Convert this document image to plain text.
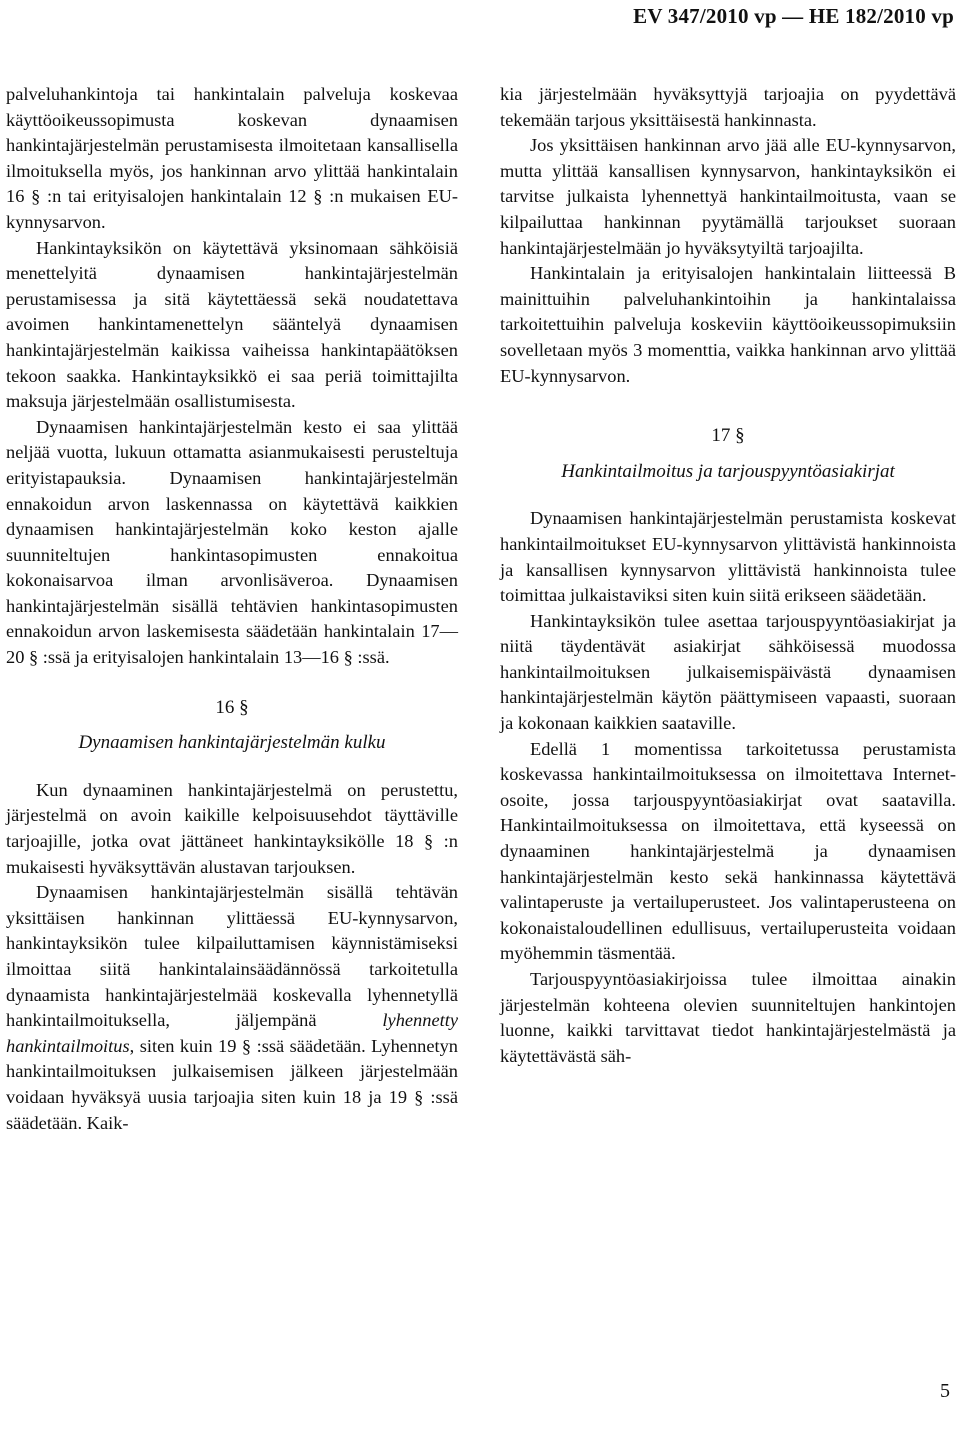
EV 347/2010 vp — HE 182/2010 vp

palveluhankintoja tai hankintalain palveluja koskevaa käyttöoikeussopimusta koskevan dynaamisen hankintajärjestelmän perustamisesta ilmoitetaan kansallisella ilmoituksella myös, jos hankinnan arvo ylittää hankintalain 16 § :n tai erityisalojen hankintalain 12 § :n mukaisen EU-kynnysarvon.

Hankintayksikön on käytettävä yksinomaan sähköisiä menettelyitä dynaamisen hankintajärjestelmän perustamisessa ja sitä käytettäessä sekä noudatettava avoimen hankintamenettelyn sääntelyä dynaamisen hankintajärjestelmän kaikissa vaiheissa hankintapäätöksen tekoon saakka. Hankintayksikkö ei saa periä toimittajilta maksuja järjestelmään osallistumisesta.

Dynaamisen hankintajärjestelmän kesto ei saa ylittää neljää vuotta, lukuun ottamatta asianmukaisesti perusteltuja erityistapauksia. Dynaamisen hankintajärjestelmän ennakoidun arvon laskennassa on käytettävä kaikkien dynaamisen hankintajärjestelmän koko keston ajalle suunniteltujen hankintasopimusten ennakoitua kokonaisarvoa ilman arvonlisäveroa. Dynaamisen hankintajärjestelmän sisällä tehtävien hankintasopimusten ennakoidun arvon laskemisesta säädetään hankintalain 17—20 § :ssä ja erityisalojen hankintalain 13—16 § :ssä.

16 §
Dynaamisen hankintajärjestelmän kulku

Kun dynaaminen hankintajärjestelmä on perustettu, järjestelmä on avoin kaikille kelpoisuusehdot täyttäville tarjoajille, jotka ovat jättäneet hankintayksikölle 18 § :n mukaisesti hyväksyttävän alustavan tarjouksen.

Dynaamisen hankintajärjestelmän sisällä tehtävän yksittäisen hankinnan ylittäessä EU-kynnysarvon, hankintayksikön tulee kilpailuttamisen käynnistämiseksi ilmoittaa siitä hankintalainsäädännössä tarkoitetulla dynaamista hankintajärjestelmää koskevalla lyhennetyllä hankintailmoituksella, jäljempänä lyhennetty hankintailmoitus, siten kuin 19 § :ssä säädetään. Lyhennetyn hankintailmoituksen julkaisemisen jälkeen järjestelmään voidaan hyväksyä uusia tarjoajia siten kuin 18 ja 19 § :ssä säädetään. Kaik-

kia järjestelmään hyväksyttyjä tarjoajia on pyydettävä tekemään tarjous yksittäisestä hankinnasta.

Jos yksittäisen hankinnan arvo jää alle EU-kynnysarvon, mutta ylittää kansallisen kynnysarvon, hankintayksikön ei tarvitse julkaista lyhennettyä hankintailmoitusta, vaan se kilpailuttaa hankinnan pyytämällä tarjoukset suoraan hankintajärjestelmään jo hyväksytyiltä tarjoajilta.

Hankintalain ja erityisalojen hankintalain liitteessä B mainittuihin palveluhankintoihin ja hankintalaissa tarkoitettuihin palveluja koskeviin käyttöoikeussopimuksiin sovelletaan myös 3 momenttia, vaikka hankinnan arvo ylittää EU-kynnysarvon.

17 §
Hankintailmoitus ja tarjouspyyntöasiakirjat

Dynaamisen hankintajärjestelmän perustamista koskevat hankintailmoitukset EU-kynnysarvon ylittävistä hankinnoista ja kansallisen kynnysarvon ylittävistä hankinnoista tulee toimittaa julkaistaviksi siten kuin siitä erikseen säädetään.

Hankintayksikön tulee asettaa tarjouspyyntöasiakirjat ja niitä täydentävät asiakirjat sähköisessä muodossa hankintailmoituksen julkaisemispäivästä dynaamisen hankintajärjestelmän käytön päättymiseen vapaasti, suoraan ja kokonaan kaikkien saataville.

Edellä 1 momentissa tarkoitetussa perustamista koskevassa hankintailmoituksessa on ilmoitettava Internet-osoite, jossa tarjouspyyntöasiakirjat ovat saatavilla. Hankintailmoituksessa on ilmoitettava, että kyseessä on dynaaminen hankintajärjestelmä ja dynaamisen hankintajärjestelmän kesto sekä hankinnassa käytettävä valintaperuste ja vertailuperusteet. Jos valintaperusteena on kokonaistaloudellinen edullisuus, vertailuperusteita voidaan myöhemmin täsmentää.

Tarjouspyyntöasiakirjoissa tulee ilmoittaa ainakin järjestelmän kohteena olevien suunniteltujen hankintojen luonne, kaikki tarvittavat tiedot hankintajärjestelmästä ja käytettävästä säh-

5
